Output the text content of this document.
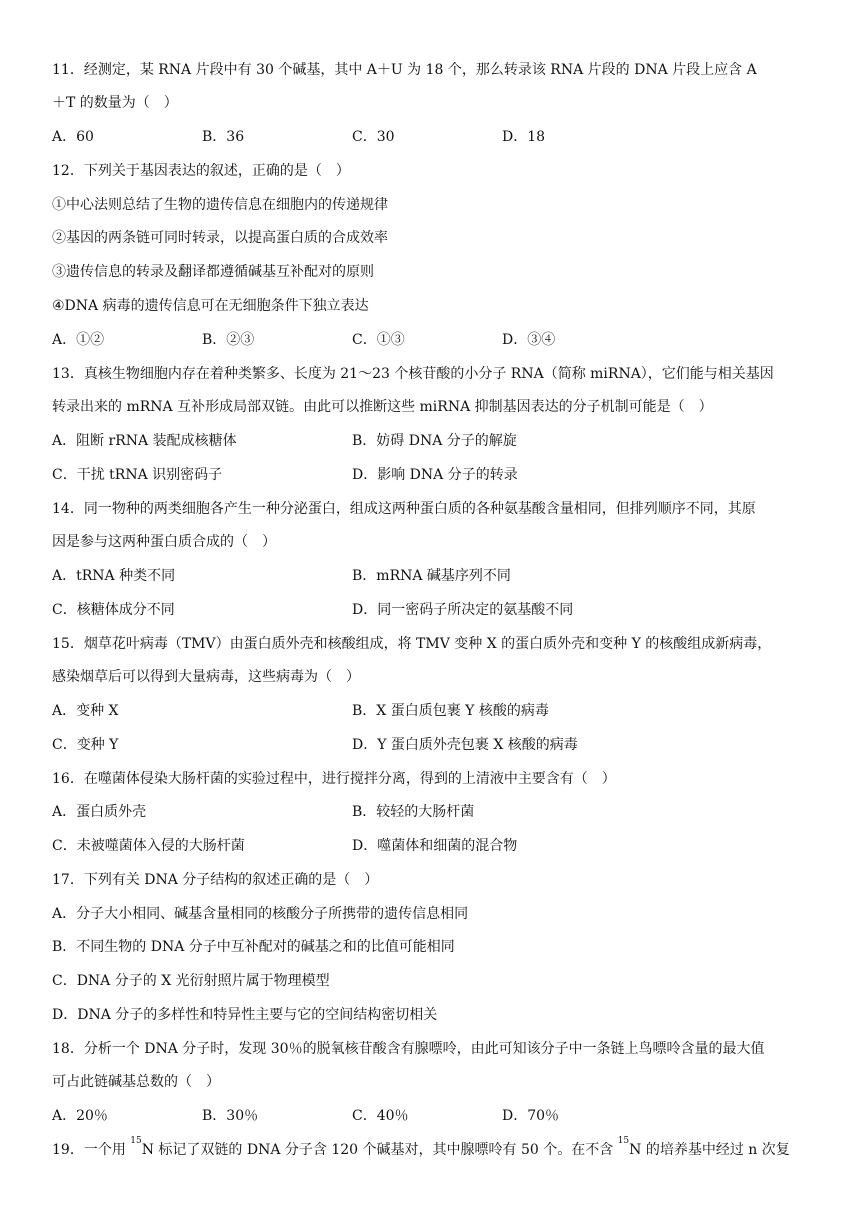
11．经测定，某 RNA 片段中有 30 个碱基，其中 A＋U 为 18 个，那么转录该 RNA 片段的 DNA 片段上应含 A
＋T 的数量为（　）
A．60	B．36	C．30	D．18
12．下列关于基因表达的叙述，正确的是（　）
①中心法则总结了生物的遗传信息在细胞内的传递规律
②基因的两条链可同时转录，以提高蛋白质的合成效率
③遗传信息的转录及翻译都遵循碱基互补配对的原则
④DNA 病毒的遗传信息可在无细胞条件下独立表达
A．①②	B．②③	C．①③	D．③④
13．真核生物细胞内存在着种类繁多、长度为 21～23 个核苷酸的小分子 RNA（简称 miRNA），它们能与相关基因
转录出来的 mRNA 互补形成局部双链。由此可以推断这些 miRNA 抑制基因表达的分子机制可能是（　）
A．阻断 rRNA 装配成核糖体	B．妨碍 DNA 分子的解旋
C．干扰 tRNA 识别密码子	D．影响 DNA 分子的转录
14．同一物种的两类细胞各产生一种分泌蛋白，组成这两种蛋白质的各种氨基酸含量相同，但排列顺序不同，其原
因是参与这两种蛋白质合成的（　）
A．tRNA 种类不同	B．mRNA 碱基序列不同
C．核糖体成分不同	D．同一密码子所决定的氨基酸不同
15．烟草花叶病毒（TMV）由蛋白质外壳和核酸组成，将 TMV 变种 X 的蛋白质外壳和变种 Y 的核酸组成新病毒，
感染烟草后可以得到大量病毒，这些病毒为（　）
A．变种 X	B．X 蛋白质包裹 Y 核酸的病毒
C．变种 Y	D．Y 蛋白质外壳包裹 X 核酸的病毒
16．在噬菌体侵染大肠杆菌的实验过程中，进行搅拌分离，得到的上清液中主要含有（　）
A．蛋白质外壳	B．较轻的大肠杆菌
C．未被噬菌体入侵的大肠杆菌	D．噬菌体和细菌的混合物
17．下列有关 DNA 分子结构的叙述正确的是（　）
A．分子大小相同、碱基含量相同的核酸分子所携带的遗传信息相同
B．不同生物的 DNA 分子中互补配对的碱基之和的比值可能相同
C．DNA 分子的 X 光衍射照片属于物理模型
D．DNA 分子的多样性和特异性主要与它的空间结构密切相关
18．分析一个 DNA 分子时，发现 30％的脱氧核苷酸含有腺嘌呤，由此可知该分子中一条链上鸟嘌呤含量的最大值
可占此链碱基总数的（　）
A．20％	B．30％	C．40％	D．70％
19．一个用 $^{15}$N 标记了双链的 DNA 分子含 120 个碱基对，其中腺嘌呤有 50 个。在不含 $^{15}$N 的培养基中经过 n 次复
